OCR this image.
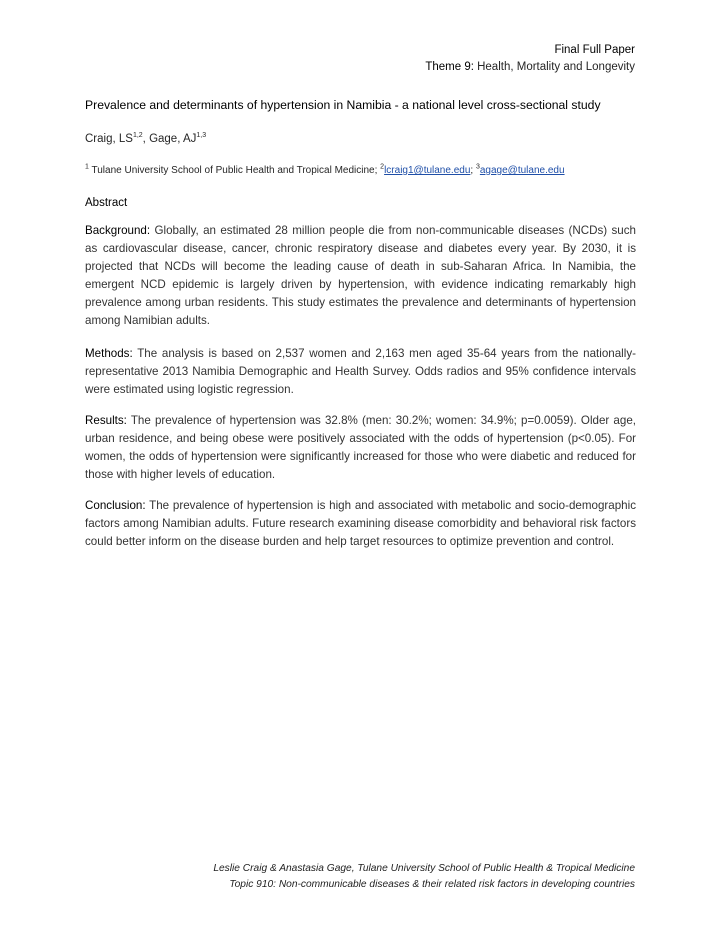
Final Full Paper
Theme 9: Health, Mortality and Longevity
Prevalence and determinants of hypertension in Namibia - a national level cross-sectional study
Craig, LS$^{1,2}$, Gage, AJ$^{1,3}$
$^1$ Tulane University School of Public Health and Tropical Medicine; $^2$lcraig1@tulane.edu; $^3$agage@tulane.edu
Abstract

Background: Globally, an estimated 28 million people die from non-communicable diseases (NCDs) such as cardiovascular disease, cancer, chronic respiratory disease and diabetes every year. By 2030, it is projected that NCDs will become the leading cause of death in sub-Saharan Africa. In Namibia, the emergent NCD epidemic is largely driven by hypertension, with evidence indicating remarkably high prevalence among urban residents. This study estimates the prevalence and determinants of hypertension among Namibian adults.

Methods: The analysis is based on 2,537 women and 2,163 men aged 35-64 years from the nationally-representative 2013 Namibia Demographic and Health Survey. Odds radios and 95% confidence intervals were estimated using logistic regression.

Results: The prevalence of hypertension was 32.8% (men: 30.2%; women: 34.9%; p=0.0059). Older age, urban residence, and being obese were positively associated with the odds of hypertension (p<0.05). For women, the odds of hypertension were significantly increased for those who were diabetic and reduced for those with higher levels of education.

Conclusion: The prevalence of hypertension is high and associated with metabolic and socio-demographic factors among Namibian adults. Future research examining disease comorbidity and behavioral risk factors could better inform on the disease burden and help target resources to optimize prevention and control.

Leslie Craig & Anastasia Gage, Tulane University School of Public Health & Tropical Medicine
Topic 910: Non-communicable diseases & their related risk factors in developing countries
